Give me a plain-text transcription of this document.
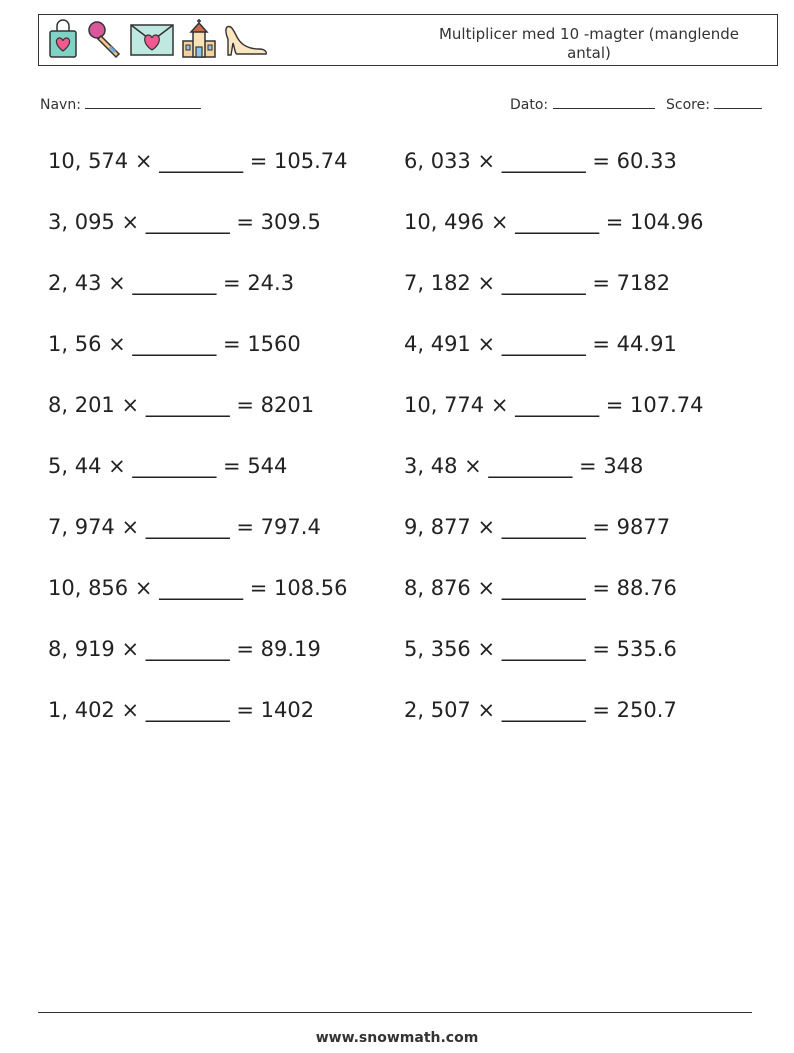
Multiplicer med 10 -magter (manglende antal)
Navn:	Dato:	Score:
10, 574 × ________ = 105.74	6, 033 × ________ = 60.33
3, 095 × ________ = 309.5	10, 496 × ________ = 104.96
2, 43 × ________ = 24.3	7, 182 × ________ = 7182
1, 56 × ________ = 1560	4, 491 × ________ = 44.91
8, 201 × ________ = 8201	10, 774 × ________ = 107.74
5, 44 × ________ = 544	3, 48 × ________ = 348
7, 974 × ________ = 797.4	9, 877 × ________ = 9877
10, 856 × ________ = 108.56	8, 876 × ________ = 88.76
8, 919 × ________ = 89.19	5, 356 × ________ = 535.6
1, 402 × ________ = 1402	2, 507 × ________ = 250.7
www.snowmath.com
